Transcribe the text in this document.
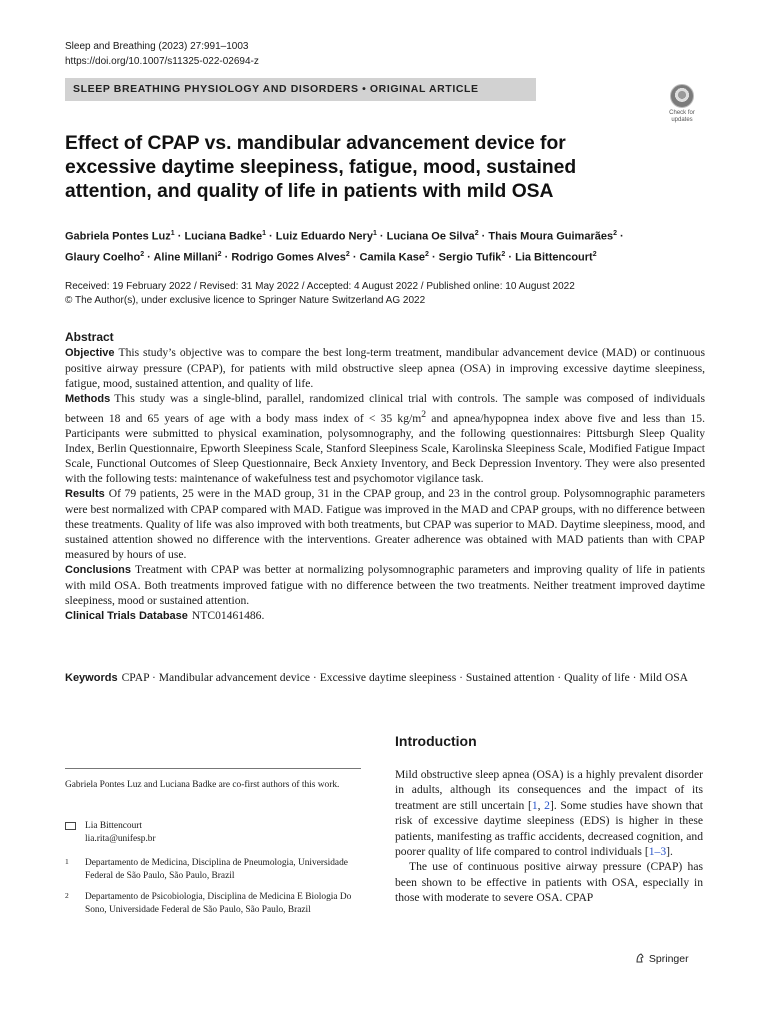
Sleep and Breathing (2023) 27:991–1003
https://doi.org/10.1007/s11325-022-02694-z
SLEEP BREATHING PHYSIOLOGY AND DISORDERS • ORIGINAL ARTICLE
Check for
updates
Effect of CPAP vs. mandibular advancement device for excessive daytime sleepiness, fatigue, mood, sustained attention, and quality of life in patients with mild OSA
Gabriela Pontes Luz$^1$ · Luciana Badke$^1$ · Luiz Eduardo Nery$^1$ · Luciana Oe Silva$^2$ · Thais Moura Guimarães$^2$ ·
Glaury Coelho$^2$ · Aline Millani$^2$ · Rodrigo Gomes Alves$^2$ · Camila Kase$^2$ · Sergio Tufik$^2$ · Lia Bittencourt$^2$
Received: 19 February 2022 / Revised: 31 May 2022 / Accepted: 4 August 2022 / Published online: 10 August 2022
© The Author(s), under exclusive licence to Springer Nature Switzerland AG 2022
Abstract

Objective This study’s objective was to compare the best long-term treatment, mandibular advancement device (MAD) or continuous positive airway pressure (CPAP), for patients with mild obstructive sleep apnea (OSA) in improving excessive daytime sleepiness, fatigue, mood, sustained attention, and quality of life.

Methods This study was a single-blind, parallel, randomized clinical trial with controls. The sample was composed of individuals between 18 and 65 years of age with a body mass index of < 35 $kg/m^2$ and apnea/hypopnea index above five and less than 15. Participants were submitted to physical examination, polysomnography, and the following questionnaires: Pittsburgh Sleep Quality Index, Berlin Questionnaire, Epworth Sleepiness Scale, Stanford Sleepiness Scale, Karolinska Sleepiness Scale, Modified Fatigue Impact Scale, Functional Outcomes of Sleep Questionnaire, Beck Anxiety Inventory, and Beck Depression Inventory. They were also presented with the following tests: maintenance of wakefulness test and psychomotor vigilance task.

Results Of 79 patients, 25 were in the MAD group, 31 in the CPAP group, and 23 in the control group. Polysomnographic parameters were best normalized with CPAP compared with MAD. Fatigue was improved in the MAD and CPAP groups, with no difference between these treatments. Quality of life was also improved with both treatments, but CPAP was superior to MAD. Daytime sleepiness, mood, and sustained attention showed no difference with the interventions. Greater adherence was obtained with MAD patients than with CPAP measured by hours of use.

Conclusions Treatment with CPAP was better at normalizing polysomnographic parameters and improving quality of life in patients with mild OSA. Both treatments improved fatigue with no difference between the two treatments. Neither treatment improved daytime sleepiness, mood or sustained attention.

Clinical Trials Database NTC01461486.

Keywords CPAP · Mandibular advancement device · Excessive daytime sleepiness · Sustained attention · Quality of life · Mild OSA
Introduction

Mild obstructive sleep apnea (OSA) is a highly prevalent disorder in adults, although its consequences and the impact of its treatment are still uncertain [1, 2]. Some studies have shown that risk of excessive daytime sleepiness (EDS) is higher in these patients, manifesting as traffic accidents, decreased cognition, and poorer quality of life compared to control individuals [1–3].

The use of continuous positive airway pressure (CPAP) has been shown to be effective in patients with OSA, especially in those with moderate to severe OSA. CPAP

Gabriela Pontes Luz and Luciana Badke are co-first authors of this work.
Lia Bittencourt
lia.rita@unifesp.br
1	Departamento de Medicina, Disciplina de Pneumologia, Universidade Federal de São Paulo, São Paulo, Brazil
2	Departamento de Psicobiologia, Disciplina de Medicina E Biologia Do Sono, Universidade Federal de São Paulo, São Paulo, Brazil
Springer
